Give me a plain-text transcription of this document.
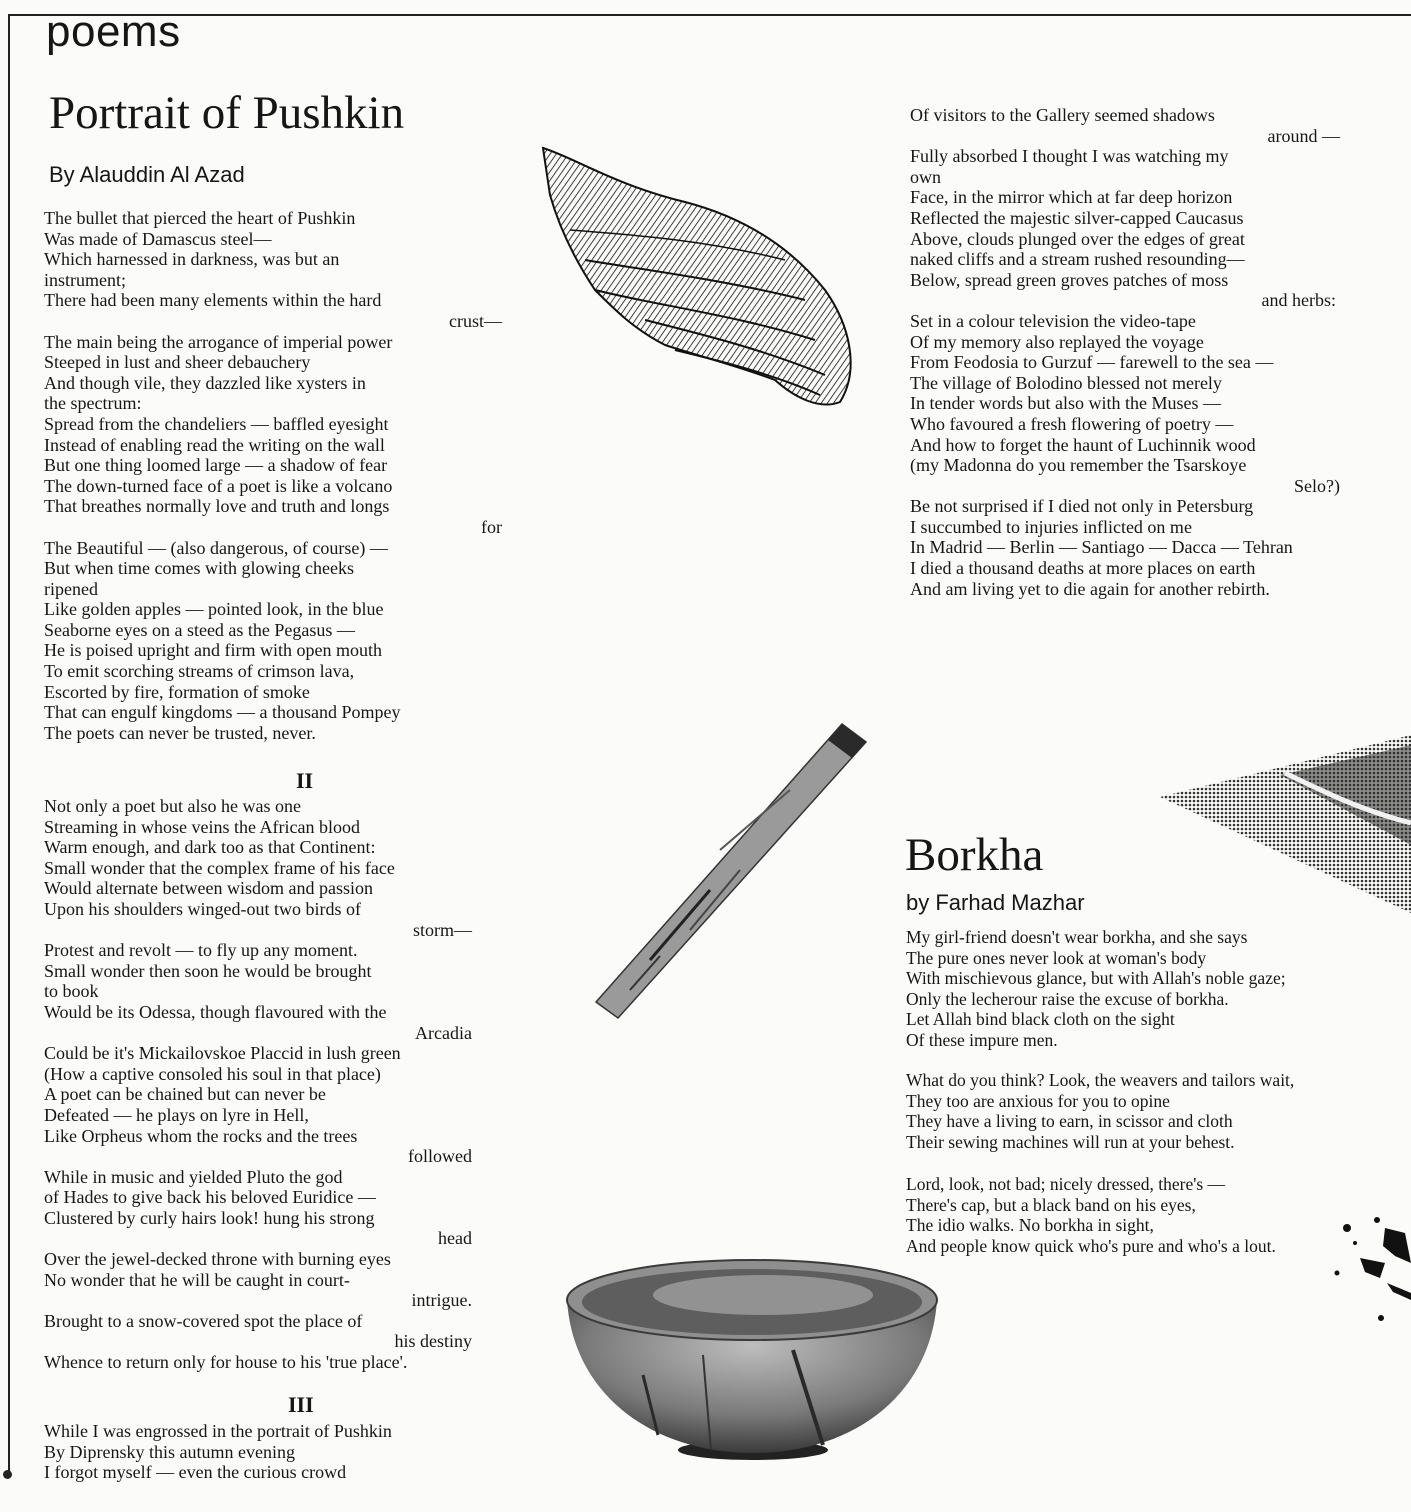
poems
Portrait of Pushkin
By Alauddin Al Azad
The bullet that pierced the heart of Pushkin
Was made of Damascus steel—
Which harnessed in darkness, was but an
instrument;
There had been many elements within the hard
crust—
The main being the arrogance of imperial power
Steeped in lust and sheer debauchery
And though vile, they dazzled like xysters in
the spectrum:
Spread from the chandeliers — baffled eyesight
Instead of enabling read the writing on the wall
But one thing loomed large — a shadow of fear
The down-turned face of a poet is like a volcano
That breathes normally love and truth and longs
for
The Beautiful — (also dangerous, of course) —
But when time comes with glowing cheeks
ripened
Like golden apples — pointed look, in the blue
Seaborne eyes on a steed as the Pegasus —
He is poised upright and firm with open mouth
To emit scorching streams of crimson lava,
Escorted by fire, formation of smoke
That can engulf kingdoms — a thousand Pompey
The poets can never be trusted, never.
II
Not only a poet but also he was one
Streaming in whose veins the African blood
Warm enough, and dark too as that Continent:
Small wonder that the complex frame of his face
Would alternate between wisdom and passion
Upon his shoulders winged-out two birds of
storm—
Protest and revolt — to fly up any moment.
Small wonder then soon he would be brought
to book
Would be its Odessa, though flavoured with the
Arcadia
Could be it's Mickailovskoe Placcid in lush green
(How a captive consoled his soul in that place)
A poet can be chained but can never be
Defeated — he plays on lyre in Hell,
Like Orpheus whom the rocks and the trees
followed
While in music and yielded Pluto the god
of Hades to give back his beloved Euridice —
Clustered by curly hairs look! hung his strong
head
Over the jewel-decked throne with burning eyes
No wonder that he will be caught in court-
intrigue.
Brought to a snow-covered spot the place of
his destiny
Whence to return only for house to his 'true place'.
III
While I was engrossed in the portrait of Pushkin
By Diprensky this autumn evening
I forgot myself — even the curious crowd
Of visitors to the Gallery seemed shadows
around —
Fully absorbed I thought I was watching my
own
Face, in the mirror which at far deep horizon
Reflected the majestic silver-capped Caucasus
Above, clouds plunged over the edges of great
naked cliffs and a stream rushed resounding—
Below, spread green groves patches of moss
and herbs:
Set in a colour television the video-tape
Of my memory also replayed the voyage
From Feodosia to Gurzuf — farewell to the sea —
The village of Bolodino blessed not merely
In tender words but also with the Muses —
Who favoured a fresh flowering of poetry —
And how to forget the haunt of Luchinnik wood
(my Madonna do you remember the Tsarskoye
Selo?)
Be not surprised if I died not only in Petersburg
I succumbed to injuries inflicted on me
In Madrid — Berlin — Santiago — Dacca — Tehran
I died a thousand deaths at more places on earth
And am living yet to die again for another rebirth.
Borkha
by Farhad Mazhar
My girl-friend doesn't wear borkha, and she says
The pure ones never look at woman's body
With mischievous glance, but with Allah's noble gaze;
Only the lecherour raise the excuse of borkha.
Let Allah bind black cloth on the sight
Of these impure men.
What do you think? Look, the weavers and tailors wait,
They too are anxious for you to opine
They have a living to earn, in scissor and cloth
Their sewing machines will run at your behest.
Lord, look, not bad; nicely dressed, there's —
There's cap, but a black band on his eyes,
The idio walks. No borkha in sight,
And people know quick who's pure and who's a lout.
